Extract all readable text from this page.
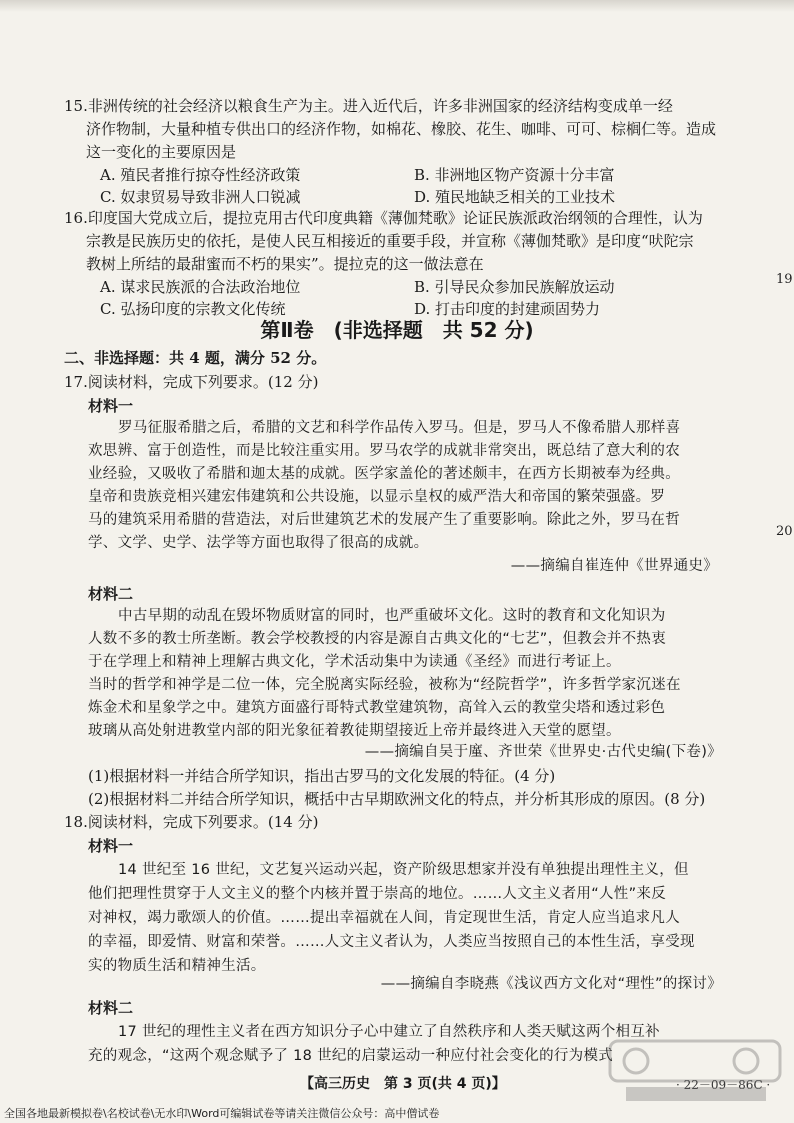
15.非洲传统的社会经济以粮食生产为主。进入近代后，许多非洲国家的经济结构变成单一经
济作物制，大量种植专供出口的经济作物，如棉花、橡胶、花生、咖啡、可可、棕榈仁等。造成
这一变化的主要原因是
A. 殖民者推行掠夺性经济政策	B. 非洲地区物产资源十分丰富
C. 奴隶贸易导致非洲人口锐减	D. 殖民地缺乏相关的工业技术
16.印度国大党成立后，提拉克用古代印度典籍《薄伽梵歌》论证民族派政治纲领的合理性，认为
宗教是民族历史的依托，是使人民互相接近的重要手段，并宣称《薄伽梵歌》是印度“吠陀宗
教树上所结的最甜蜜而不朽的果实”。提拉克的这一做法意在
A. 谋求民族派的合法政治地位	B. 引导民众参加民族解放运动
C. 弘扬印度的宗教文化传统	D. 打击印度的封建顽固势力
第Ⅱ卷　(非选择题　共 52 分)
二、非选择题：共 4 题，满分 52 分。
17.阅读材料，完成下列要求。(12 分)
材料一
罗马征服希腊之后，希腊的文艺和科学作品传入罗马。但是，罗马人不像希腊人那样喜
欢思辨、富于创造性，而是比较注重实用。罗马农学的成就非常突出，既总结了意大利的农
业经验，又吸收了希腊和迦太基的成就。医学家盖伦的著述颇丰，在西方长期被奉为经典。
皇帝和贵族竞相兴建宏伟建筑和公共设施，以显示皇权的威严浩大和帝国的繁荣强盛。罗
马的建筑采用希腊的营造法，对后世建筑艺术的发展产生了重要影响。除此之外，罗马在哲
学、文学、史学、法学等方面也取得了很高的成就。
——摘编自崔连仲《世界通史》
材料二
中古早期的动乱在毁坏物质财富的同时，也严重破坏文化。这时的教育和文化知识为
人数不多的教士所垄断。教会学校教授的内容是源自古典文化的“七艺”，但教会并不热衷
于在学理上和精神上理解古典文化，学术活动集中为读通《圣经》而进行考证上。
当时的哲学和神学是二位一体，完全脱离实际经验，被称为“经院哲学”，许多哲学家沉迷在
炼金术和星象学之中。建筑方面盛行哥特式教堂建筑物，高耸入云的教堂尖塔和透过彩色
玻璃从高处射进教堂内部的阳光象征着教徒期望接近上帝并最终进入天堂的愿望。
——摘编自吴于廑、齐世荣《世界史·古代史编(下卷)》
(1)根据材料一并结合所学知识，指出古罗马的文化发展的特征。(4 分)
(2)根据材料二并结合所学知识，概括中古早期欧洲文化的特点，并分析其形成的原因。(8 分)
18.阅读材料，完成下列要求。(14 分)
材料一
14 世纪至 16 世纪，文艺复兴运动兴起，资产阶级思想家并没有单独提出理性主义，但
他们把理性贯穿于人文主义的整个内核并置于崇高的地位。……人文主义者用“人性”来反
对神权，竭力歌颂人的价值。……提出幸福就在人间，肯定现世生活，肯定人应当追求凡人
的幸福，即爱情、财富和荣誉。……人文主义者认为，人类应当按照自己的本性生活，享受现
实的物质生活和精神生活。
——摘编自李晓燕《浅议西方文化对“理性”的探讨》
材料二
17 世纪的理性主义者在西方知识分子心中建立了自然秩序和人类天赋这两个相互补
充的观念，“这两个观念赋予了 18 世纪的启蒙运动一种应付社会变化的行为模式
【高三历史　第 3 页(共 4 页)】	· 22－09－86C ·
19
20
全国各地最新模拟卷\名校试卷\无水印\Word可编辑试卷等请关注微信公众号：高中僧试卷
